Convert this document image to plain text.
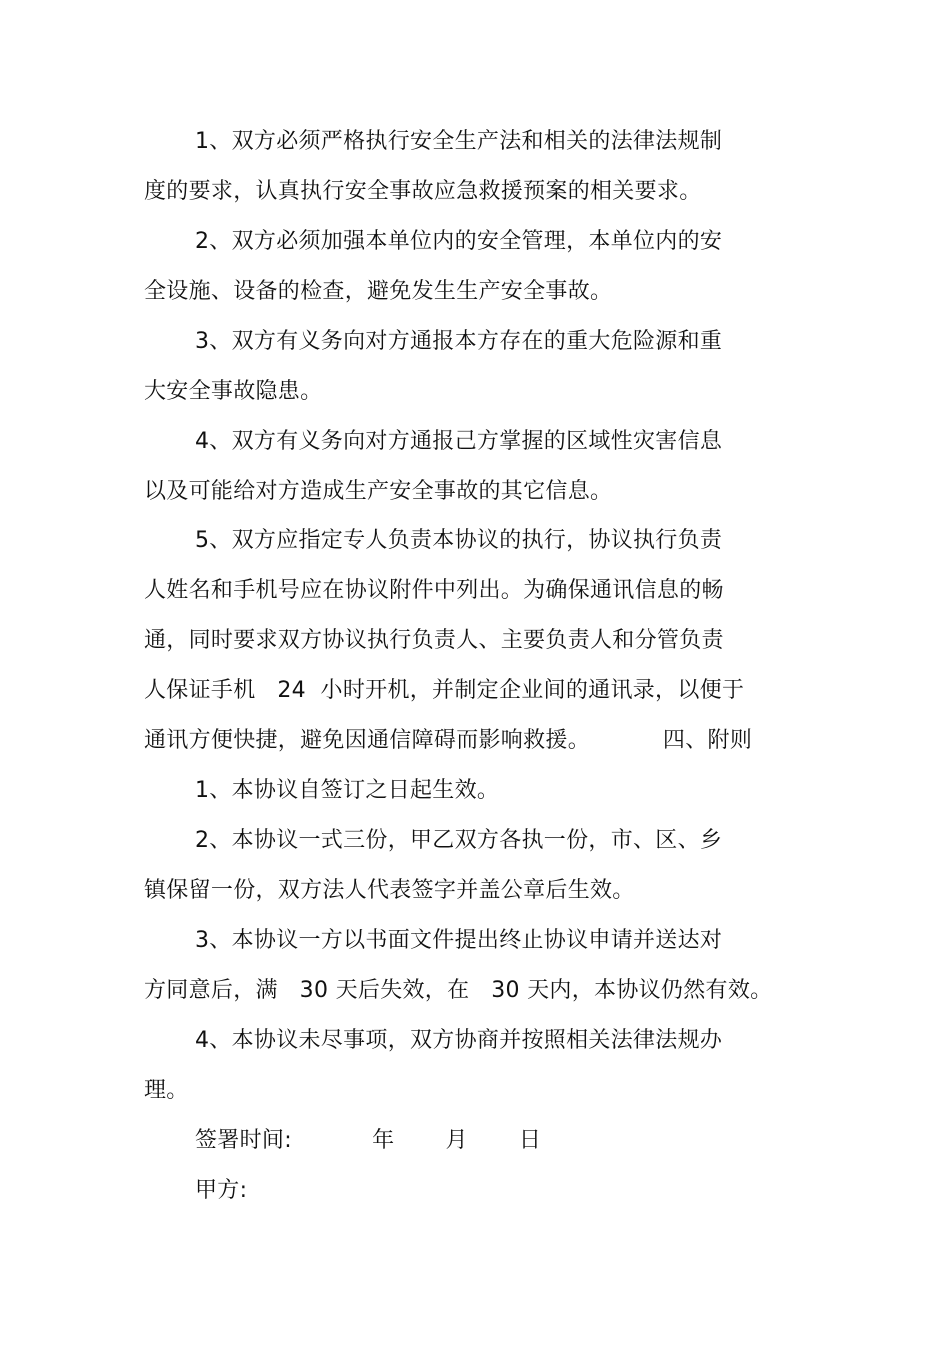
1、双方必须严格执行安全生产法和相关的法律法规制
度的要求，认真执行安全事故应急救援预案的相关要求。
2、双方必须加强本单位内的安全管理，本单位内的安
全设施、设备的检查，避免发生生产安全事故。
3、双方有义务向对方通报本方存在的重大危险源和重
大安全事故隐患。
4、双方有义务向对方通报己方掌握的区域性灾害信息
以及可能给对方造成生产安全事故的其它信息。
5、双方应指定专人负责本协议的执行，协议执行负责
人姓名和手机号应在协议附件中列出。为确保通讯信息的畅
通，同时要求双方协议执行负责人、主要负责人和分管负责
人保证手机   24  小时开机，并制定企业间的通讯录，以便于
通讯方便快捷，避免因通信障碍而影响救援。          四、附则
1、本协议自签订之日起生效。
2、本协议一式三份，甲乙双方各执一份，市、区、乡
镇保留一份，双方法人代表签字并盖公章后生效。
3、本协议一方以书面文件提出终止协议申请并送达对
方同意后，满   30 天后失效，在   30 天内，本协议仍然有效。
4、本协议未尽事项，双方协商并按照相关法律法规办
理。
签署时间:           年       月       日
甲方:
